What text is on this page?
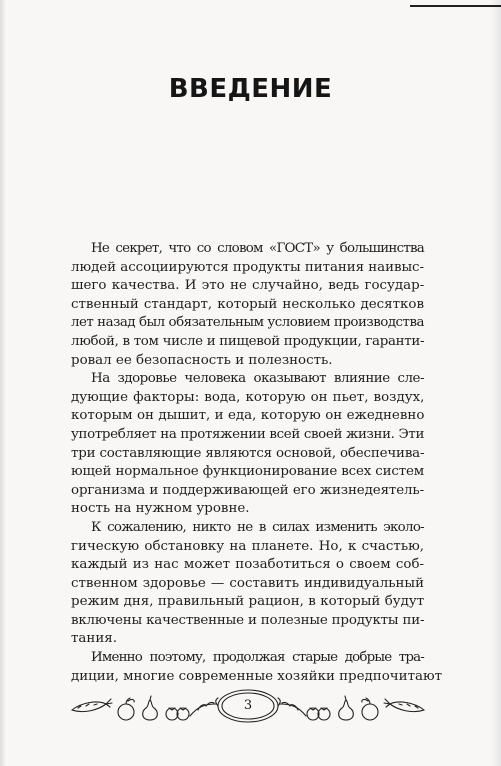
ВВЕДЕНИЕ

Не секрет, что со словом «ГОСТ» у большинства
людей ассоциируются продукты питания наивыс-
шего качества. И это не случайно, ведь государ-
ственный стандарт, который несколько десятков
лет назад был обязательным условием производства
любой, в том числе и пищевой продукции, гаранти-
ровал ее безопасность и полезность.

На здоровье человека оказывают влияние сле-
дующие факторы: вода, которую он пьет, воздух,
которым он дышит, и еда, которую он ежедневно
употребляет на протяжении всей своей жизни. Эти
три составляющие являются основой, обеспечива-
ющей нормальное функционирование всех систем
организма и поддерживающей его жизнедеятель-
ность на нужном уровне.

К сожалению, никто не в силах изменить эколо-
гическую обстановку на планете. Но, к счастью,
каждый из нас может позаботиться о своем соб-
ственном здоровье — составить индивидуальный
режим дня, правильный рацион, в который будут
включены качественные и полезные продукты пи-
тания.

Именно поэтому, продолжая старые добрые тра-
диции, многие современные хозяйки предпочитают

3
